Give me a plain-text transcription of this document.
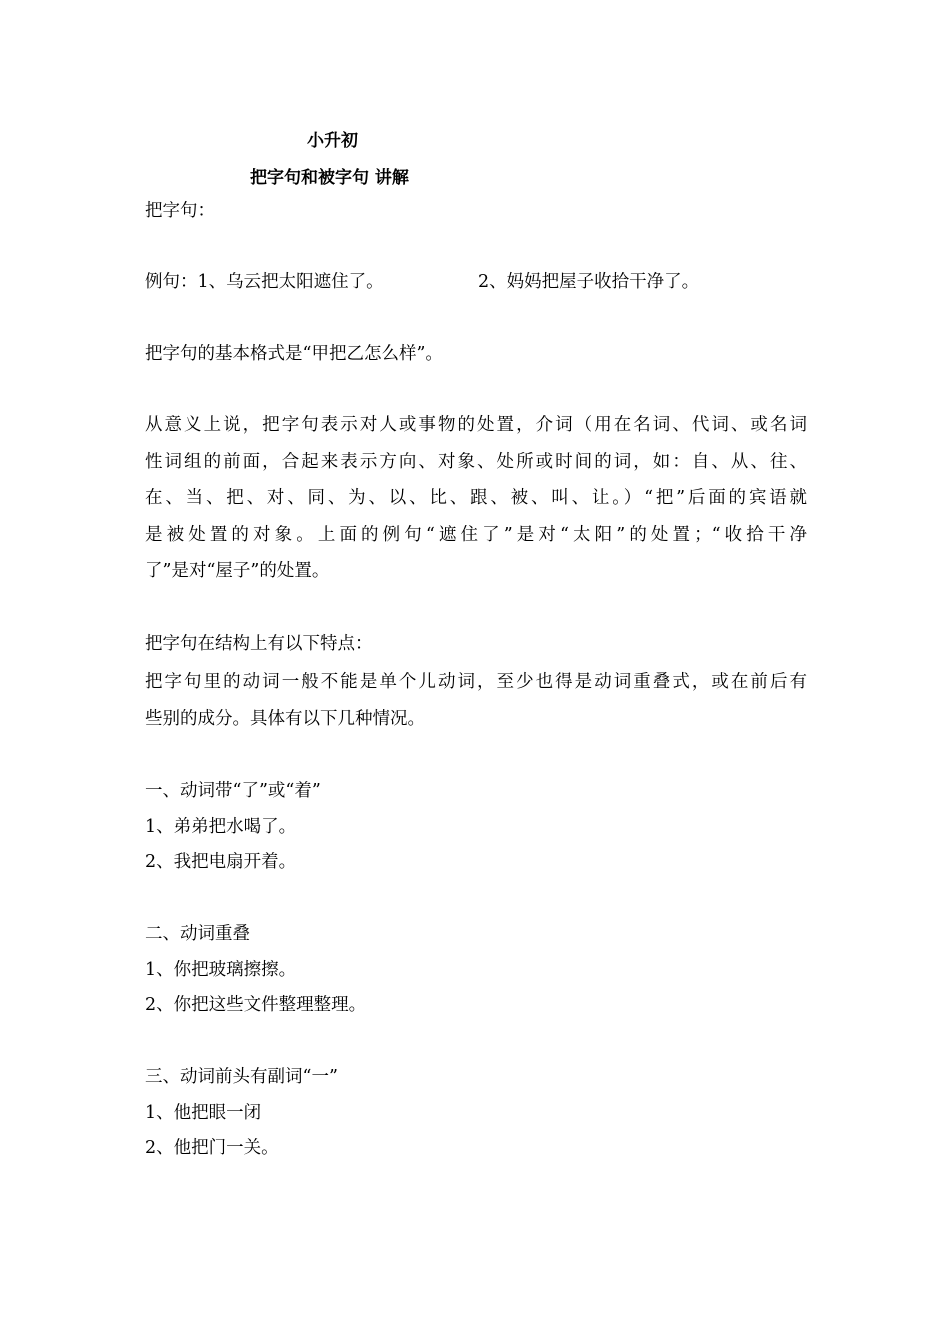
小升初
把字句和被字句 讲解
把字句：
例句：1、乌云把太阳遮住了。	2、妈妈把屋子收拾干净了。
把字句的基本格式是“甲把乙怎么样”。
从意义上说，把字句表示对人或事物的处置，介词（用在名词、代词、或名词
性词组的前面，合起来表示方向、对象、处所或时间的词，如：自、从、往、
在、当、把、对、同、为、以、比、跟、被、叫、让。）“把”后面的宾语就
是被处置的对象。上面的例句“遮住了”是对“太阳”的处置；“收拾干净
了”是对“屋子”的处置。
把字句在结构上有以下特点：
把字句里的动词一般不能是单个儿动词，至少也得是动词重叠式，或在前后有
些别的成分。具体有以下几种情况。
一、动词带“了”或“着”
1、弟弟把水喝了。
2、我把电扇开着。
二、动词重叠
1、你把玻璃擦擦。
2、你把这些文件整理整理。
三、动词前头有副词“一”
1、他把眼一闭
2、他把门一关。
